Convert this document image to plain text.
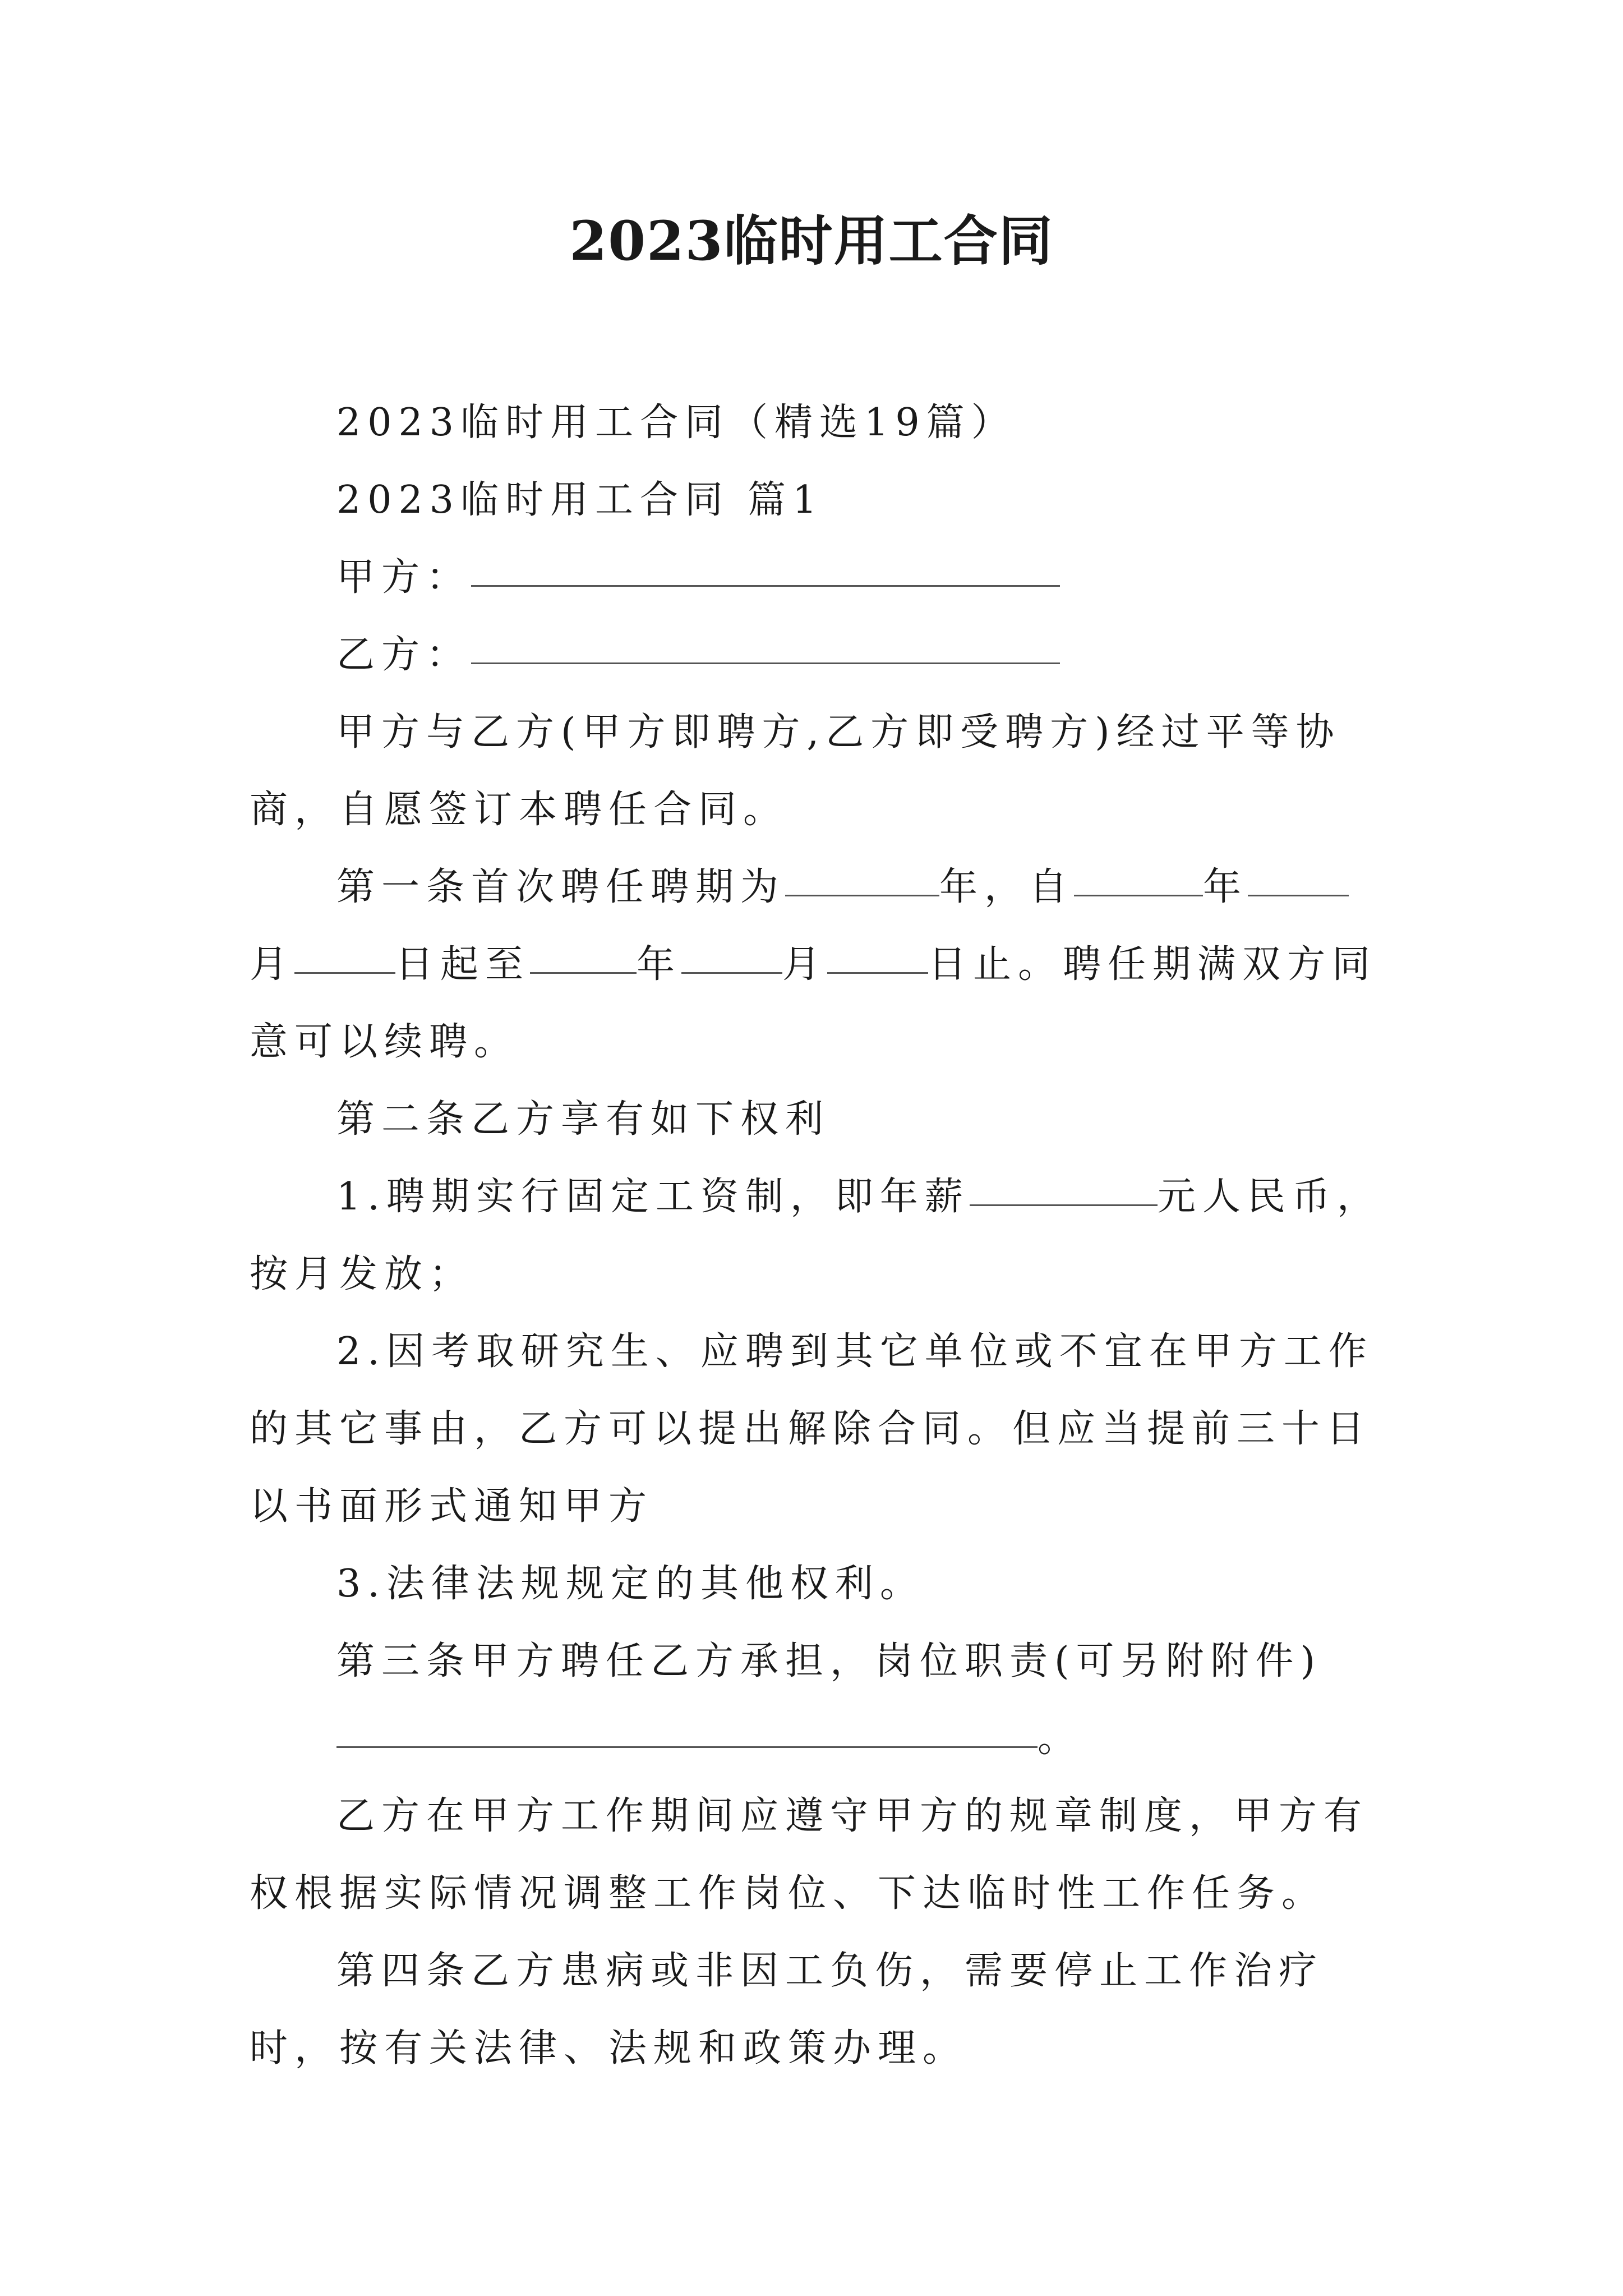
2023临时用工合同

2023临时用工合同（精选19篇）

2023临时用工合同 篇1

甲方：

乙方：

甲方与乙方(甲方即聘方,乙方即受聘方)经过平等协商，自愿签订本聘任合同。

第一条首次聘任聘期为	年，自	年月	日起至	年	月	日止。聘任期满双方同意可以续聘。

第二条乙方享有如下权利

1.聘期实行固定工资制，即年薪	元人民币，按月发放；

2.因考取研究生、应聘到其它单位或不宜在甲方工作的其它事由，乙方可以提出解除合同。但应当提前三十日以书面形式通知甲方

3.法律法规规定的其他权利。

第三条甲方聘任乙方承担，岗位职责(可另附附件)

。

乙方在甲方工作期间应遵守甲方的规章制度，甲方有权根据实际情况调整工作岗位、下达临时性工作任务。

第四条乙方患病或非因工负伤，需要停止工作治疗时，按有关法律、法规和政策办理。
